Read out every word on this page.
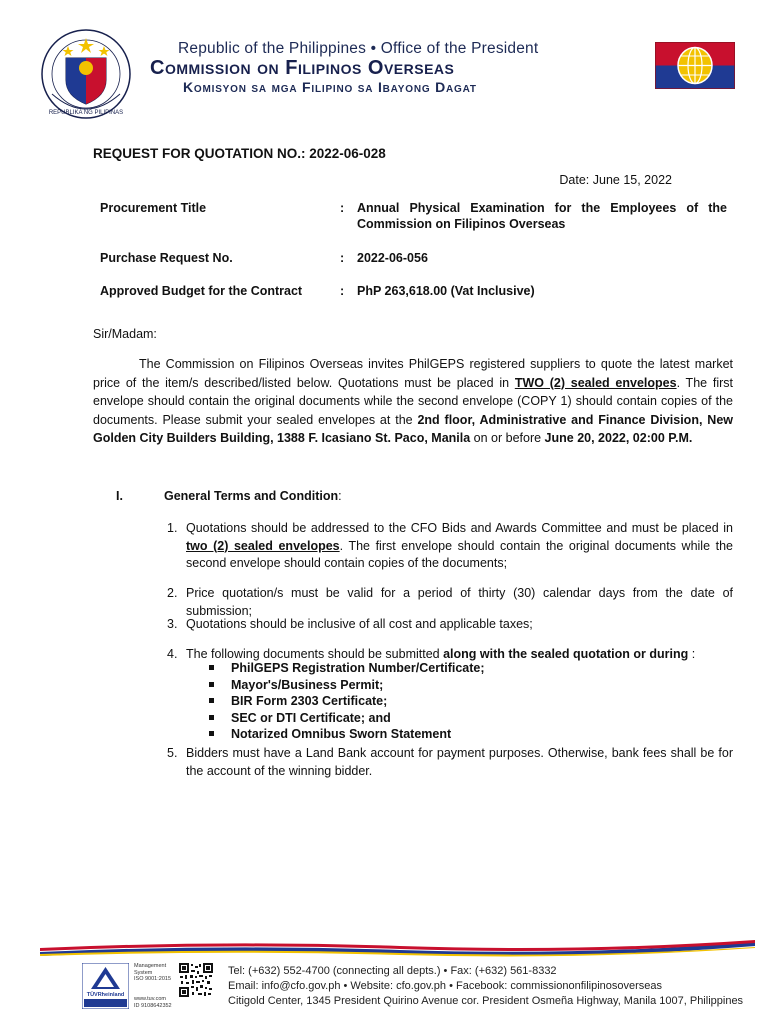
REPUBLIKA NG PILIPINAS
Republic of the Philippines • Office of the President
Commission on Filipinos Overseas
Komisyon sa mga Filipino sa Ibayong Dagat
REQUEST FOR QUOTATION NO.: 2022-06-028
Date: June 15, 2022
Procurement Title	: Annual Physical Examination for the Employees of the Commission on Filipinos Overseas
Purchase Request No.	: 2022-06-056
Approved Budget for the Contract	: PhP 263,618.00 (Vat Inclusive)
Sir/Madam:
The Commission on Filipinos Overseas invites PhilGEPS registered suppliers to quote the latest market price of the item/s described/listed below. Quotations must be placed in TWO (2) sealed envelopes. The first envelope should contain the original documents while the second envelope (COPY 1) should contain copies of the documents. Please submit your sealed envelopes at the 2nd floor, Administrative and Finance Division, New Golden City Builders Building, 1388 F. Icasiano St. Paco, Manila on or before June 20, 2022, 02:00 P.M.
I.	General Terms and Condition:
1. Quotations should be addressed to the CFO Bids and Awards Committee and must be placed in two (2) sealed envelopes. The first envelope should contain the original documents while the second envelope should contain copies of the documents;
2. Price quotation/s must be valid for a period of thirty (30) calendar days from the date of submission;
3. Quotations should be inclusive of all cost and applicable taxes;
4. The following documents should be submitted along with the sealed quotation or during :
PhilGEPS Registration Number/Certificate;
Mayor's/Business Permit;
BIR Form 2303 Certificate;
SEC or DTI Certificate; and
Notarized Omnibus Sworn Statement
5. Bidders must have a Land Bank account for payment purposes. Otherwise, bank fees shall be for the account of the winning bidder.
TÜVRheinland
Management
System
ISO 9001:2015
www.tuv.com
ID 9108642352
Tel: (+632) 552-4700 (connecting all depts.) • Fax: (+632) 561-8332
Email: info@cfo.gov.ph • Website: cfo.gov.ph • Facebook: commissiononfilipinosoverseas
Citigold Center, 1345 President Quirino Avenue cor. President Osmeña Highway, Manila 1007, Philippines
